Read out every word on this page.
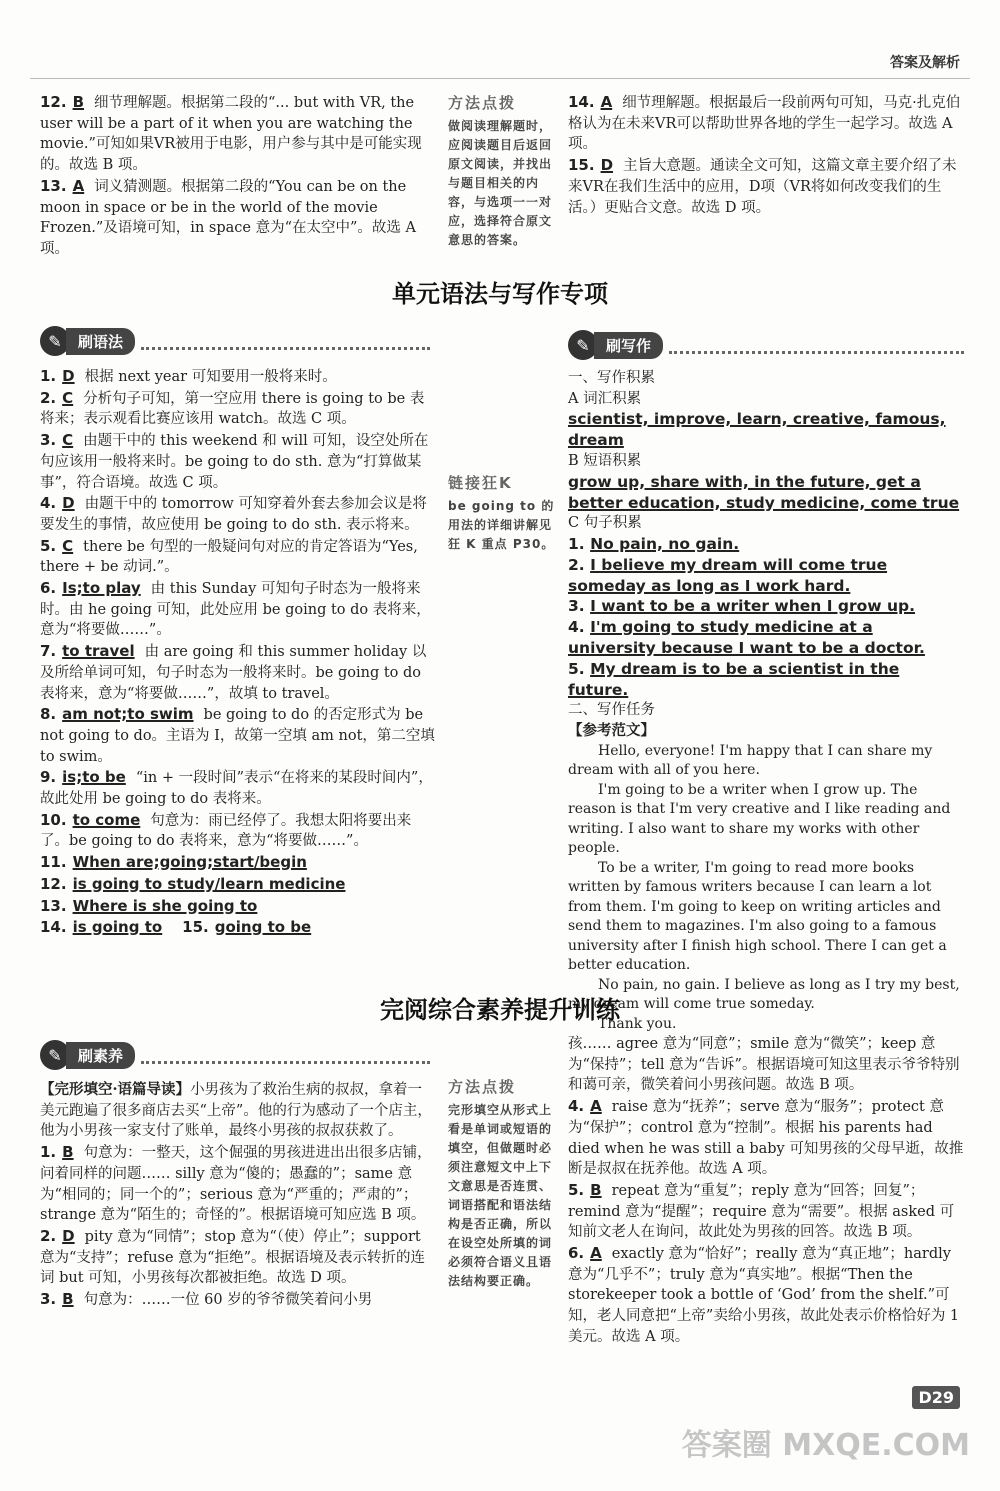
答案及解析

12. B 细节理解题。根据第二段的“... but with VR, the user will be a part of it when you are watching the movie.”可知如果VR被用于电影，用户参与其中是可能实现的。故选 B 项。

13. A 词义猜测题。根据第二段的“You can be on the moon in space or be in the world of the movie Frozen.”及语境可知，in space 意为“在太空中”。故选 A 项。

方法点拨
做阅读理解题时，应阅读题目后返回原文阅读，并找出与题目相关的内容，与选项一一对应，选择符合原文意思的答案。

14. A 细节理解题。根据最后一段前两句可知，马克·扎克伯格认为在未来VR可以帮助世界各地的学生一起学习。故选 A 项。

15. D 主旨大意题。通读全文可知，这篇文章主要介绍了未来VR在我们生活中的应用，D项（VR将如何改变我们的生活。）更贴合文意。故选 D 项。

单元语法与写作专项
✎	刷语法

1. D 根据 next year 可知要用一般将来时。

2. C 分析句子可知，第一空应用 there is going to be 表将来；表示观看比赛应该用 watch。故选 C 项。

3. C 由题干中的 this weekend 和 will 可知，设空处所在句应该用一般将来时。be going to do sth. 意为“打算做某事”，符合语境。故选 C 项。

4. D 由题干中的 tomorrow 可知穿着外套去参加会议是将要发生的事情，故应使用 be going to do sth. 表示将来。

5. C there be 句型的一般疑问句对应的肯定答语为“Yes, there + be 动词.”。

6. Is;to play 由 this Sunday 可知句子时态为一般将来时。由 he going 可知，此处应用 be going to do 表将来，意为“将要做……”。

7. to travel 由 are going 和 this summer holiday 以及所给单词可知，句子时态为一般将来时。be going to do 表将来，意为“将要做……”，故填 to travel。

8. am not;to swim be going to do 的否定形式为 be not going to do。主语为 I，故第一空填 am not，第二空填 to swim。

9. is;to be “in + 一段时间”表示“在将来的某段时间内”，故此处用 be going to do 表将来。

10. to come 句意为：雨已经停了。我想太阳将要出来了。be going to do 表将来，意为“将要做……”。

11. When are;going;start/begin

12. is going to study/learn medicine

13. Where is she going to

14. is going to 15. going to be

链接狂K
be going to 的用法的详细讲解见狂 K 重点 P30。
✎	刷写作
一、写作积累
A 词汇积累
scientist, improve, learn, creative, famous, dream
B 短语积累
grow up, share with, in the future, get a better education, study medicine, come true
C 句子积累
1. No pain, no gain.
2. I believe my dream will come true someday as long as I work hard.
3. I want to be a writer when I grow up.
4. I'm going to study medicine at a university because I want to be a doctor.
5. My dream is to be a scientist in the future.
二、写作任务
【参考范文】

Hello, everyone! I'm happy that I can share my dream with all of you here.

I'm going to be a writer when I grow up. The reason is that I'm very creative and I like reading and writing. I also want to share my works with other people.

To be a writer, I'm going to read more books written by famous writers because I can learn a lot from them. I'm going to keep on writing articles and send them to magazines. I'm also going to a famous university after I finish high school. There I can get a better education.

No pain, no gain. I believe as long as I try my best, my dream will come true someday.

Thank you.

完阅综合素养提升训练
✎	刷素养

【完形填空·语篇导读】小男孩为了救治生病的叔叔，拿着一美元跑遍了很多商店去买“上帝”。他的行为感动了一个店主，他为小男孩一家支付了账单，最终小男孩的叔叔获救了。

1. B 句意为：一整天，这个倔强的男孩进进出出很多店铺，问着同样的问题…… silly 意为“傻的；愚蠢的”；same 意为“相同的；同一个的”；serious 意为“严重的；严肃的”；strange 意为“陌生的；奇怪的”。根据语境可知应选 B 项。

2. D pity 意为“同情”；stop 意为“（使）停止”；support 意为“支持”；refuse 意为“拒绝”。根据语境及表示转折的连词 but 可知，小男孩每次都被拒绝。故选 D 项。

3. B 句意为：……一位 60 岁的爷爷微笑着问小男

方法点拨
完形填空从形式上看是单词或短语的填空，但做题时必须注意短文中上下文意思是否连贯、词语搭配和语法结构是否正确，所以在设空处所填的词必须符合语义且语法结构要正确。

孩…… agree 意为“同意”；smile 意为“微笑”；keep 意为“保持”；tell 意为“告诉”。根据语境可知这里表示爷爷特别和蔼可亲，微笑着问小男孩问题。故选 B 项。

4. A raise 意为“抚养”；serve 意为“服务”；protect 意为“保护”；control 意为“控制”。根据 his parents had died when he was still a baby 可知男孩的父母早逝，故推断是叔叔在抚养他。故选 A 项。

5. B repeat 意为“重复”；reply 意为“回答；回复”；remind 意为“提醒”；require 意为“需要”。根据 asked 可知前文老人在询问，故此处为男孩的回答。故选 B 项。

6. A exactly 意为“恰好”；really 意为“真正地”；hardly 意为“几乎不”；truly 意为“真实地”。根据“Then the storekeeper took a bottle of ‘God’ from the shelf.”可知，老人同意把“上帝”卖给小男孩，故此处表示价格恰好为 1 美元。故选 A 项。

D29
答案圈 MXQE.COM
